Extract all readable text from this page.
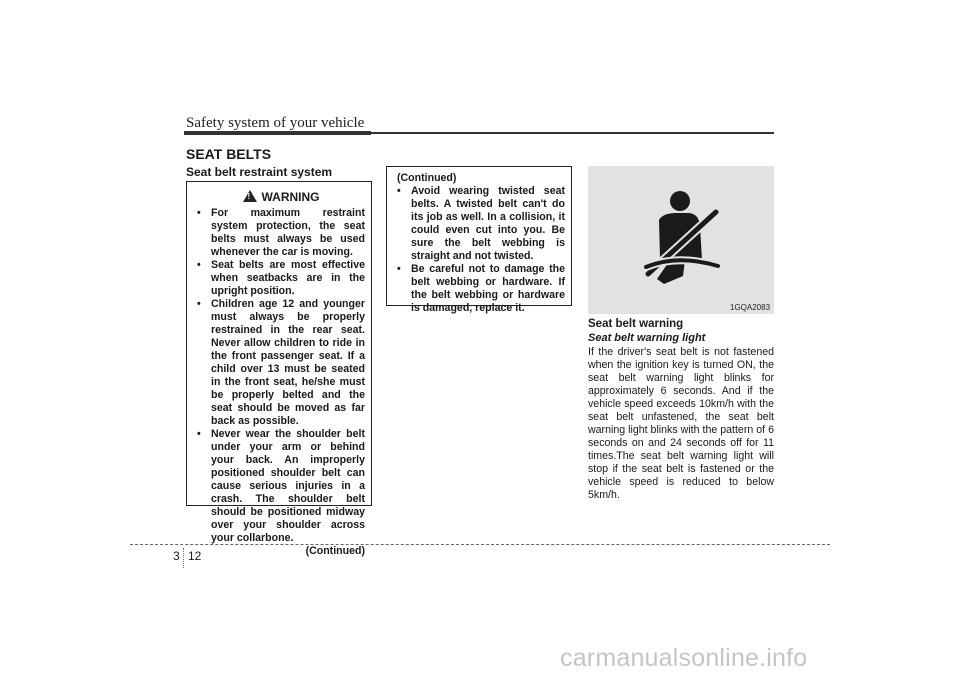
Safety system of your vehicle
SEAT BELTS
Seat belt restraint system
! WARNING
• For maximum restraint system protection, the seat belts must always be used whenever the car is moving.
• Seat belts are most effective when seatbacks are in the upright position.
• Children age 12 and younger must always be properly restrained in the rear seat. Never allow children to ride in the front passenger seat. If a child over 13 must be seated in the front seat, he/she must be properly belted and the seat should be moved as far back as possible.
• Never wear the shoulder belt under your arm or behind your back. An improperly positioned shoulder belt can cause serious injuries in a crash. The shoulder belt should be positioned midway over your shoulder across your collarbone.
(Continued)
(Continued)
• Avoid wearing twisted seat belts. A twisted belt can't do its job as well. In a collision, it could even cut into you. Be sure the belt webbing is straight and not twisted.
• Be careful not to damage the belt webbing or hardware. If the belt webbing or hardware is damaged, replace it.	1GQA2083
Seat belt warning
Seat belt warning light
If the driver's seat belt is not fastened when the ignition key is turned ON, the seat belt warning light blinks for approximately 6 seconds. And if the vehicle speed exceeds 10km/h with the seat belt unfastened, the seat belt warning light blinks with the pattern of 6 seconds on and 24 seconds off for 11 times.The seat belt warning light will stop if the seat belt is fastened or the vehicle speed is reduced to below 5km/h.
3 12
carmanualsonline.info
